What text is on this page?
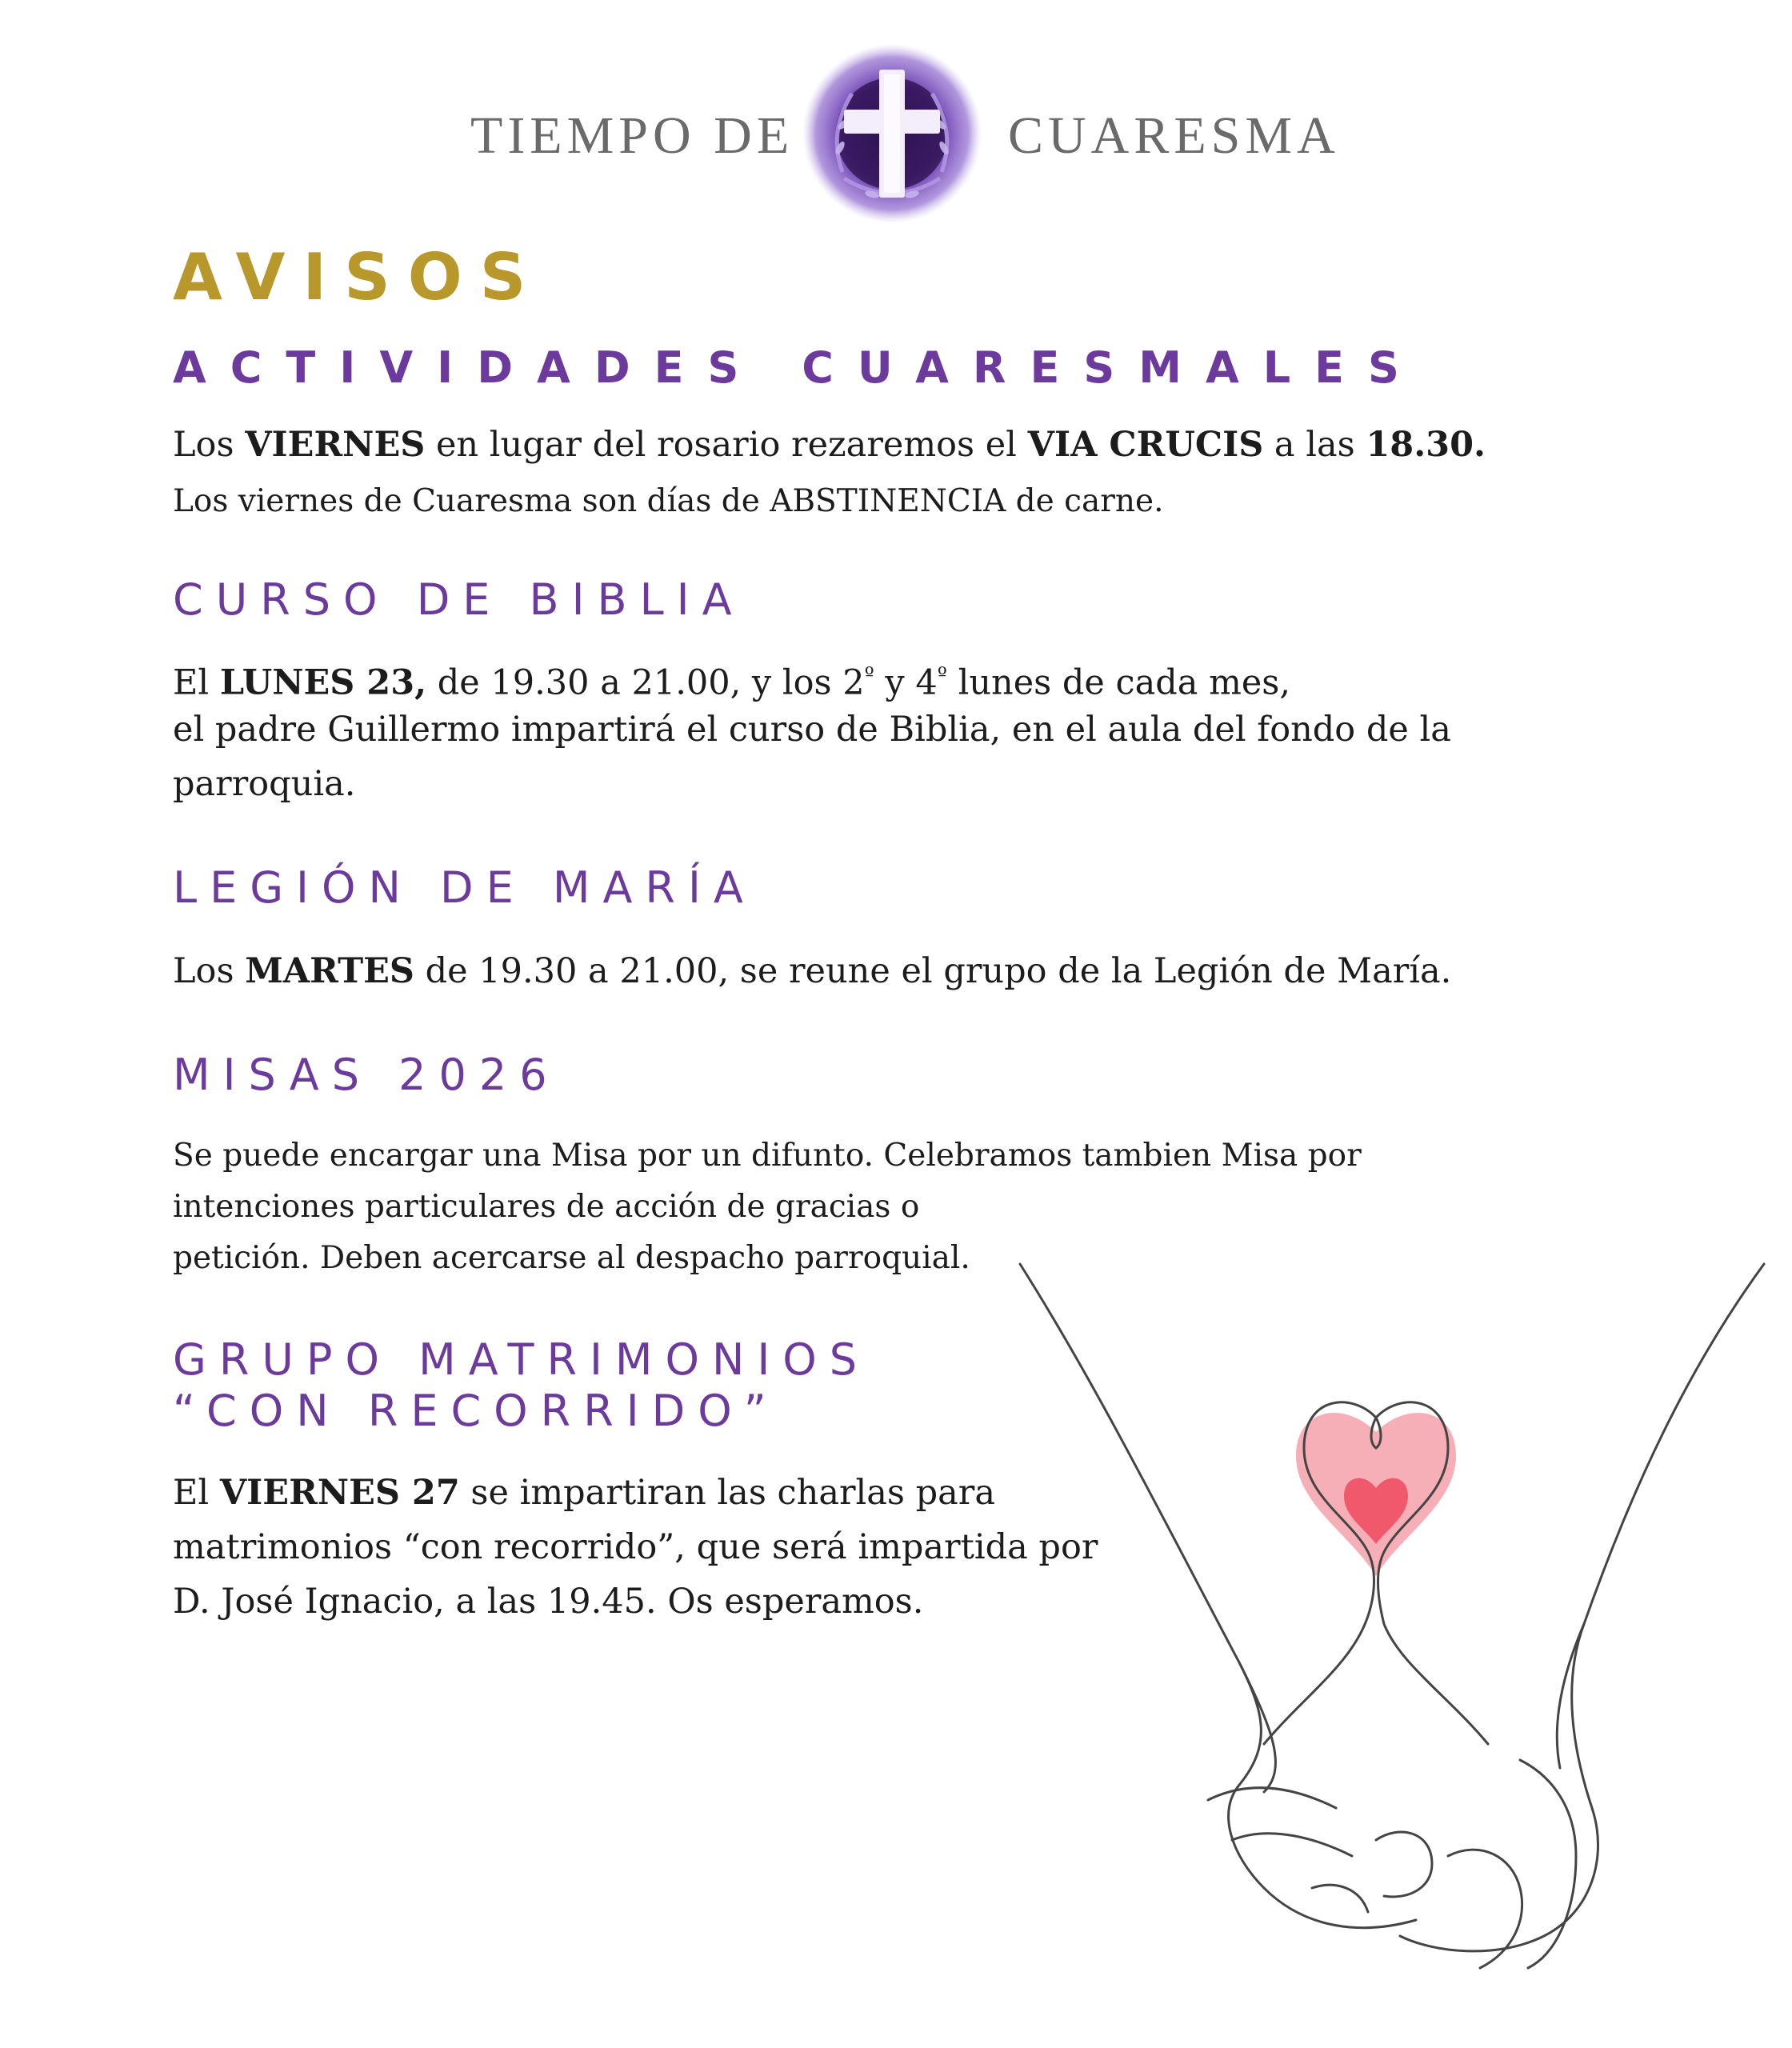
TIEMPO DE	CUARESMA
AVISOS
ACTIVIDADES CUARESMALES
Los VIERNES en lugar del rosario rezaremos el VIA CRUCIS a las 18.30.
Los viernes de Cuaresma son días de ABSTINENCIA de carne.
CURSO DE BIBLIA
El LUNES 23, de 19.30 a 21.00, y los $2^º$ y $4^º$ lunes de cada mes,
el padre Guillermo impartirá el curso de Biblia, en el aula del fondo de la
parroquia.
LEGIÓN DE MARÍA
Los MARTES de 19.30 a 21.00, se reune el grupo de la Legión de María.
MISAS 2026
Se puede encargar una Misa por un difunto. Celebramos tambien Misa por
intenciones particulares de acción de gracias o
petición. Deben acercarse al despacho parroquial.
GRUPO MATRIMONIOS
“CON RECORRIDO”
El VIERNES 27 se impartiran las charlas para
matrimonios “con recorrido”, que será impartida por
D. José Ignacio, a las 19.45. Os esperamos.
